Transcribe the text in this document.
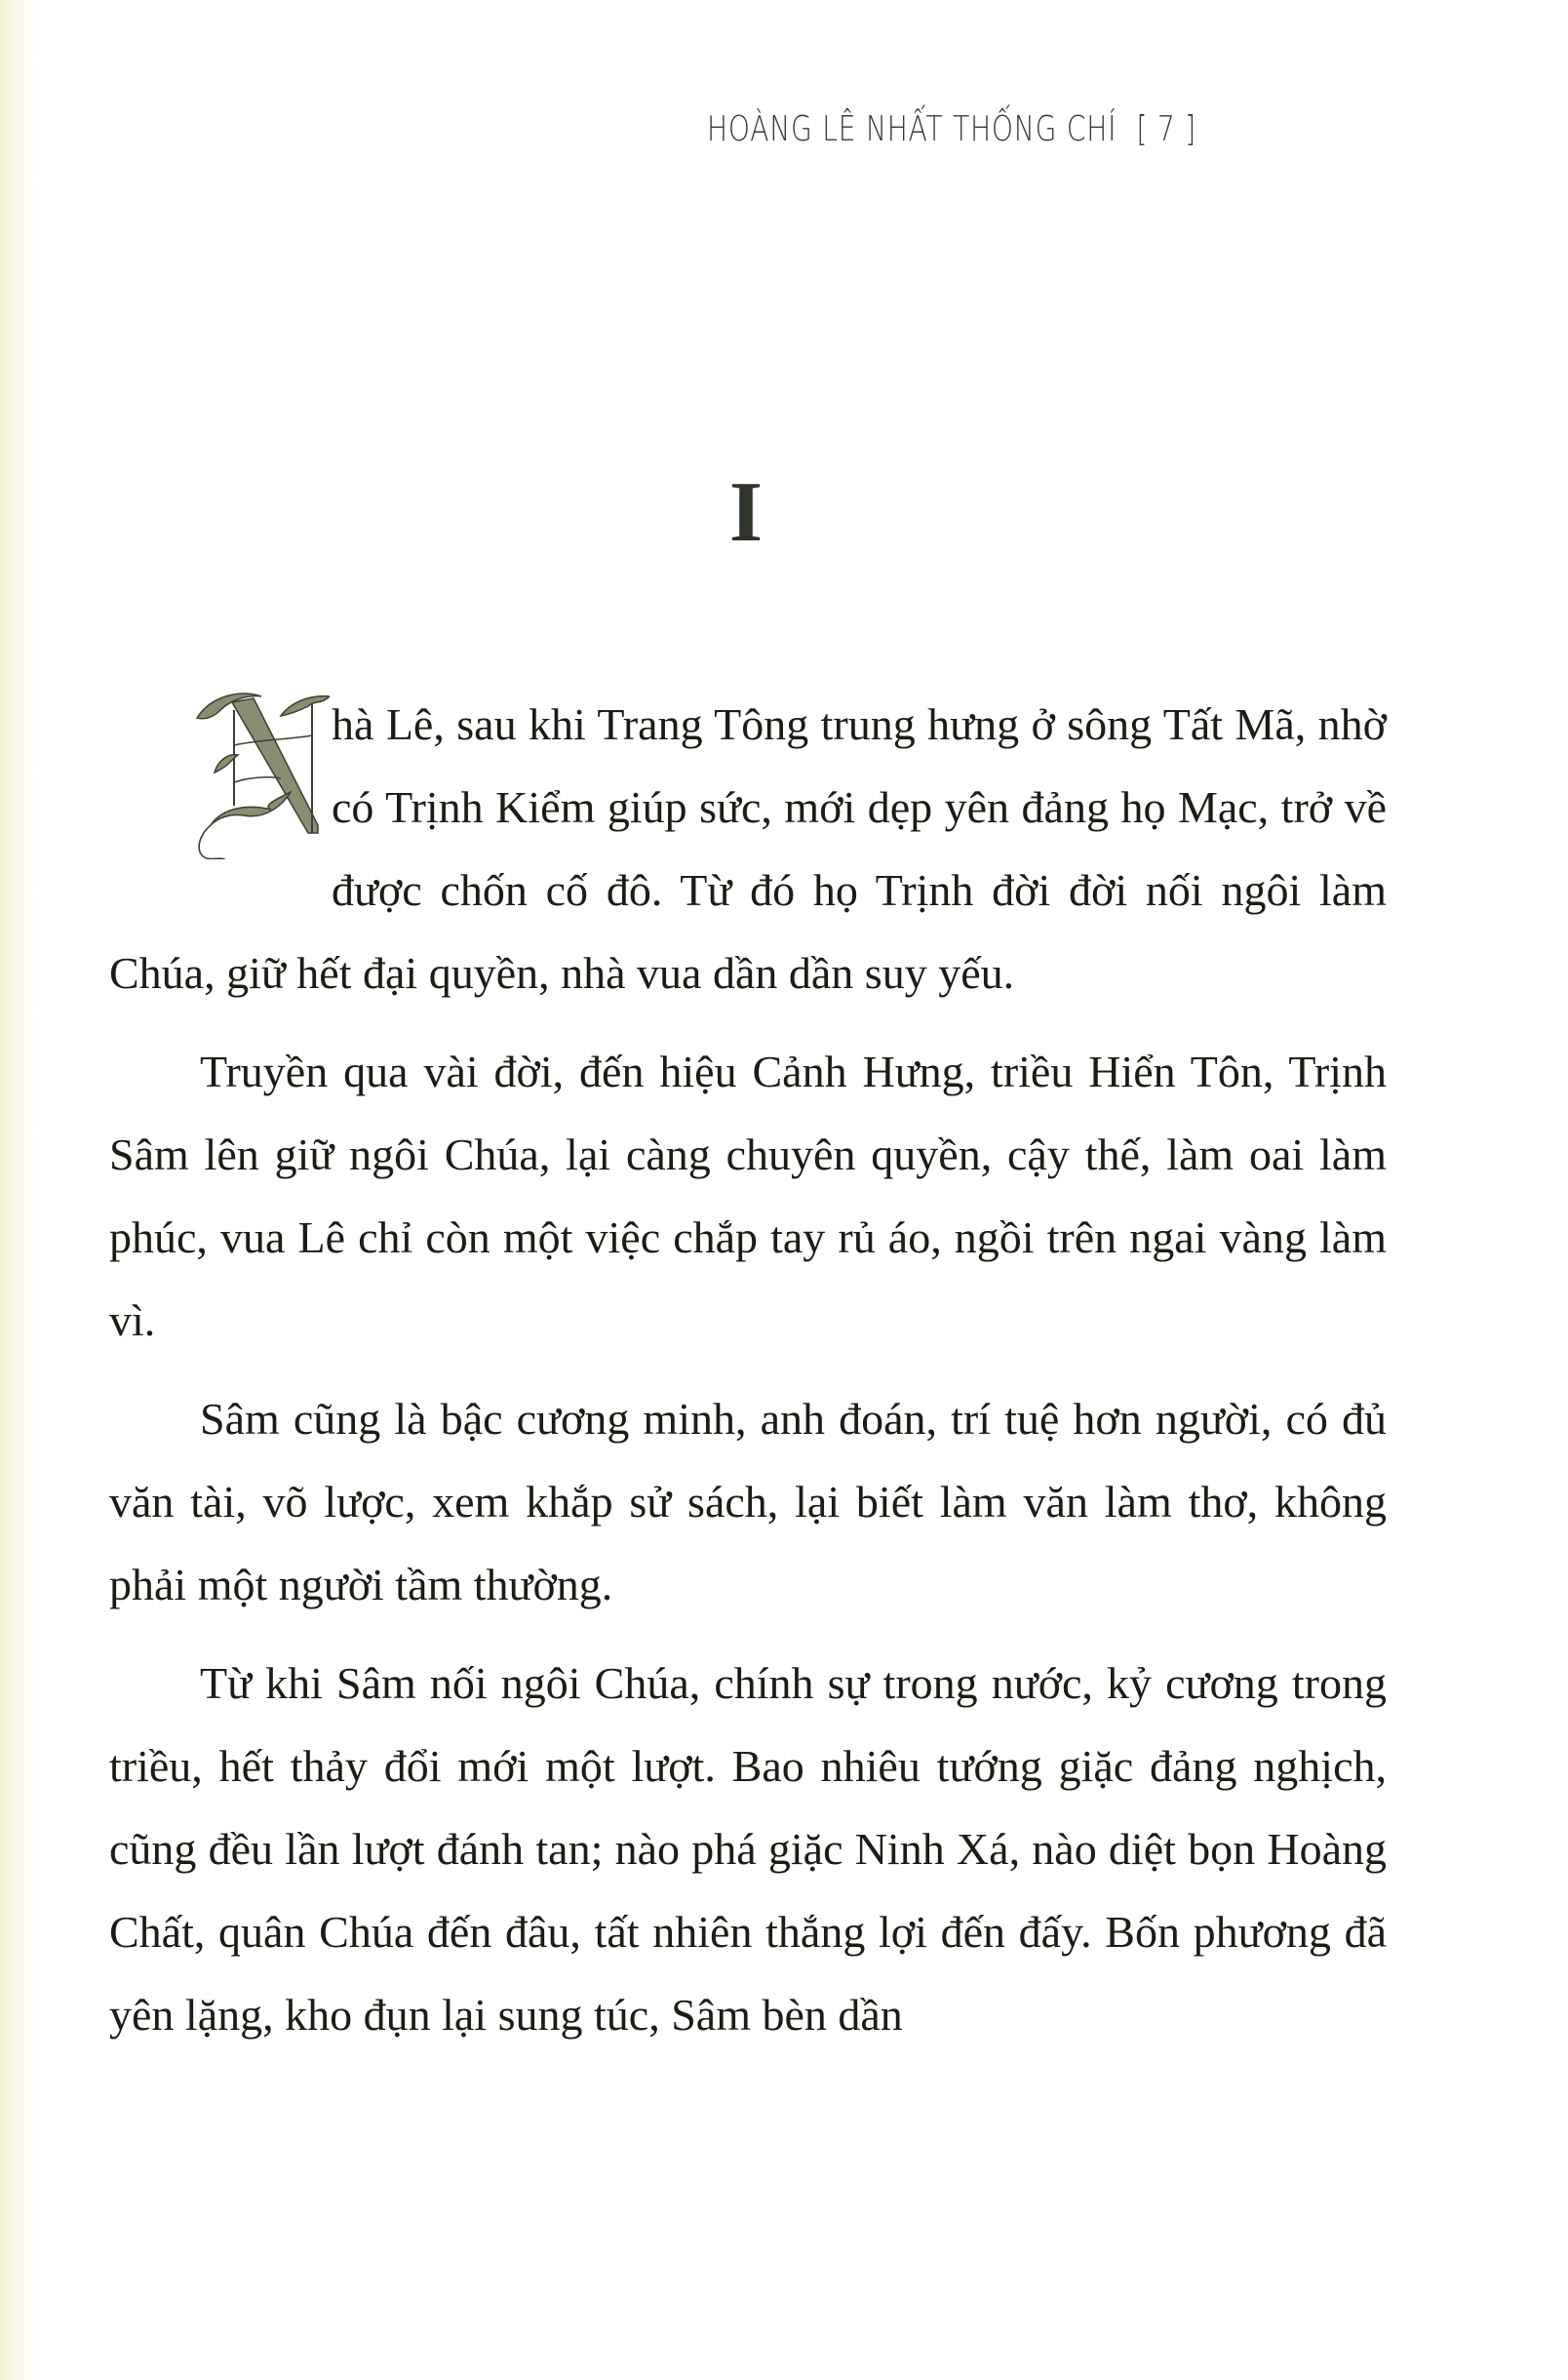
HOÀNG LÊ NHẤT THỐNG CHÍ [ 7 ]
I

hà Lê, sau khi Trang Tông trung hưng ở sông Tất Mã, nhờ có Trịnh Kiểm giúp sức, mới dẹp yên đảng họ Mạc, trở về được chốn cố đô. Từ đó họ Trịnh đời đời nối ngôi làm Chúa, giữ hết đại quyền, nhà vua dần dần suy yếu.

Truyền qua vài đời, đến hiệu Cảnh Hưng, triều Hiển Tôn, Trịnh Sâm lên giữ ngôi Chúa, lại càng chuyên quyền, cậy thế, làm oai làm phúc, vua Lê chỉ còn một việc chắp tay rủ áo, ngồi trên ngai vàng làm vì.

Sâm cũng là bậc cương minh, anh đoán, trí tuệ hơn người, có đủ văn tài, võ lược, xem khắp sử sách, lại biết làm văn làm thơ, không phải một người tầm thường.

Từ khi Sâm nối ngôi Chúa, chính sự trong nước, kỷ cương trong triều, hết thảy đổi mới một lượt. Bao nhiêu tướng giặc đảng nghịch, cũng đều lần lượt đánh tan; nào phá giặc Ninh Xá, nào diệt bọn Hoàng Chất, quân Chúa đến đâu, tất nhiên thắng lợi đến đấy. Bốn phương đã yên lặng, kho đụn lại sung túc, Sâm bèn dần
